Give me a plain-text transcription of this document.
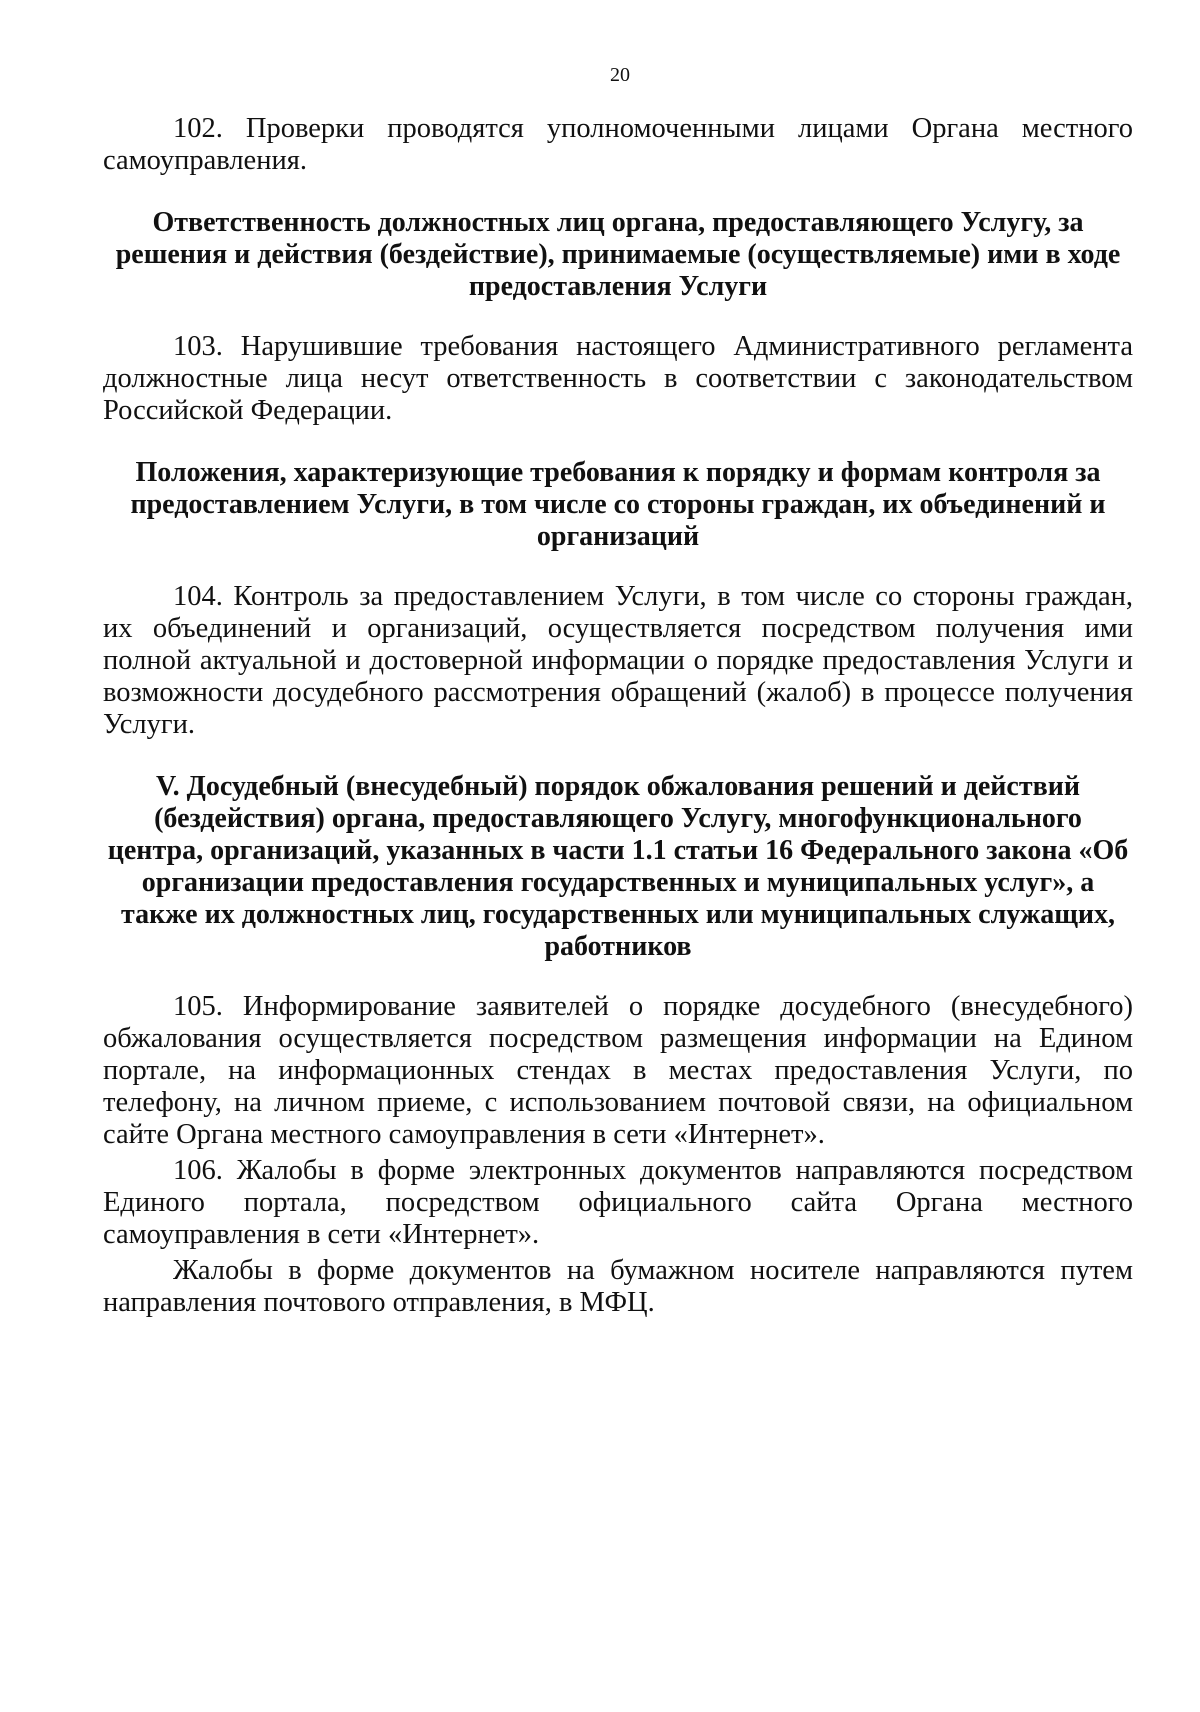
20

102. Проверки проводятся уполномоченными лицами Органа местного самоуправления.

Ответственность должностных лиц органа, предоставляющего Услугу, за решения и действия (бездействие), принимаемые (осуществляемые) ими в ходе предоставления Услуги

103. Нарушившие требования настоящего Административного регламента должностные лица несут ответственность в соответствии с законодательством Российской Федерации.

Положения, характеризующие требования к порядку и формам контроля за предоставлением Услуги, в том числе со стороны граждан, их объединений и организаций

104. Контроль за предоставлением Услуги, в том числе со стороны граждан, их объединений и организаций, осуществляется посредством получения ими полной актуальной и достоверной информации о порядке предоставления Услуги и возможности досудебного рассмотрения обращений (жалоб) в процессе получения Услуги.

V. Досудебный (внесудебный) порядок обжалования решений и действий (бездействия) органа, предоставляющего Услугу, многофункционального центра, организаций, указанных в части 1.1 статьи 16 Федерального закона «Об организации предоставления государственных и муниципальных услуг», а также их должностных лиц, государственных или муниципальных служащих, работников

105. Информирование заявителей о порядке досудебного (внесудебного) обжалования осуществляется посредством размещения информации на Едином портале, на информационных стендах в местах предоставления Услуги, по телефону, на личном приеме, с использованием почтовой связи, на официальном сайте Органа местного самоуправления в сети «Интернет».

106. Жалобы в форме электронных документов направляются посредством Единого портала, посредством официального сайта Органа местного самоуправления в сети «Интернет».

Жалобы в форме документов на бумажном носителе направляются путем направления почтового отправления, в МФЦ.
